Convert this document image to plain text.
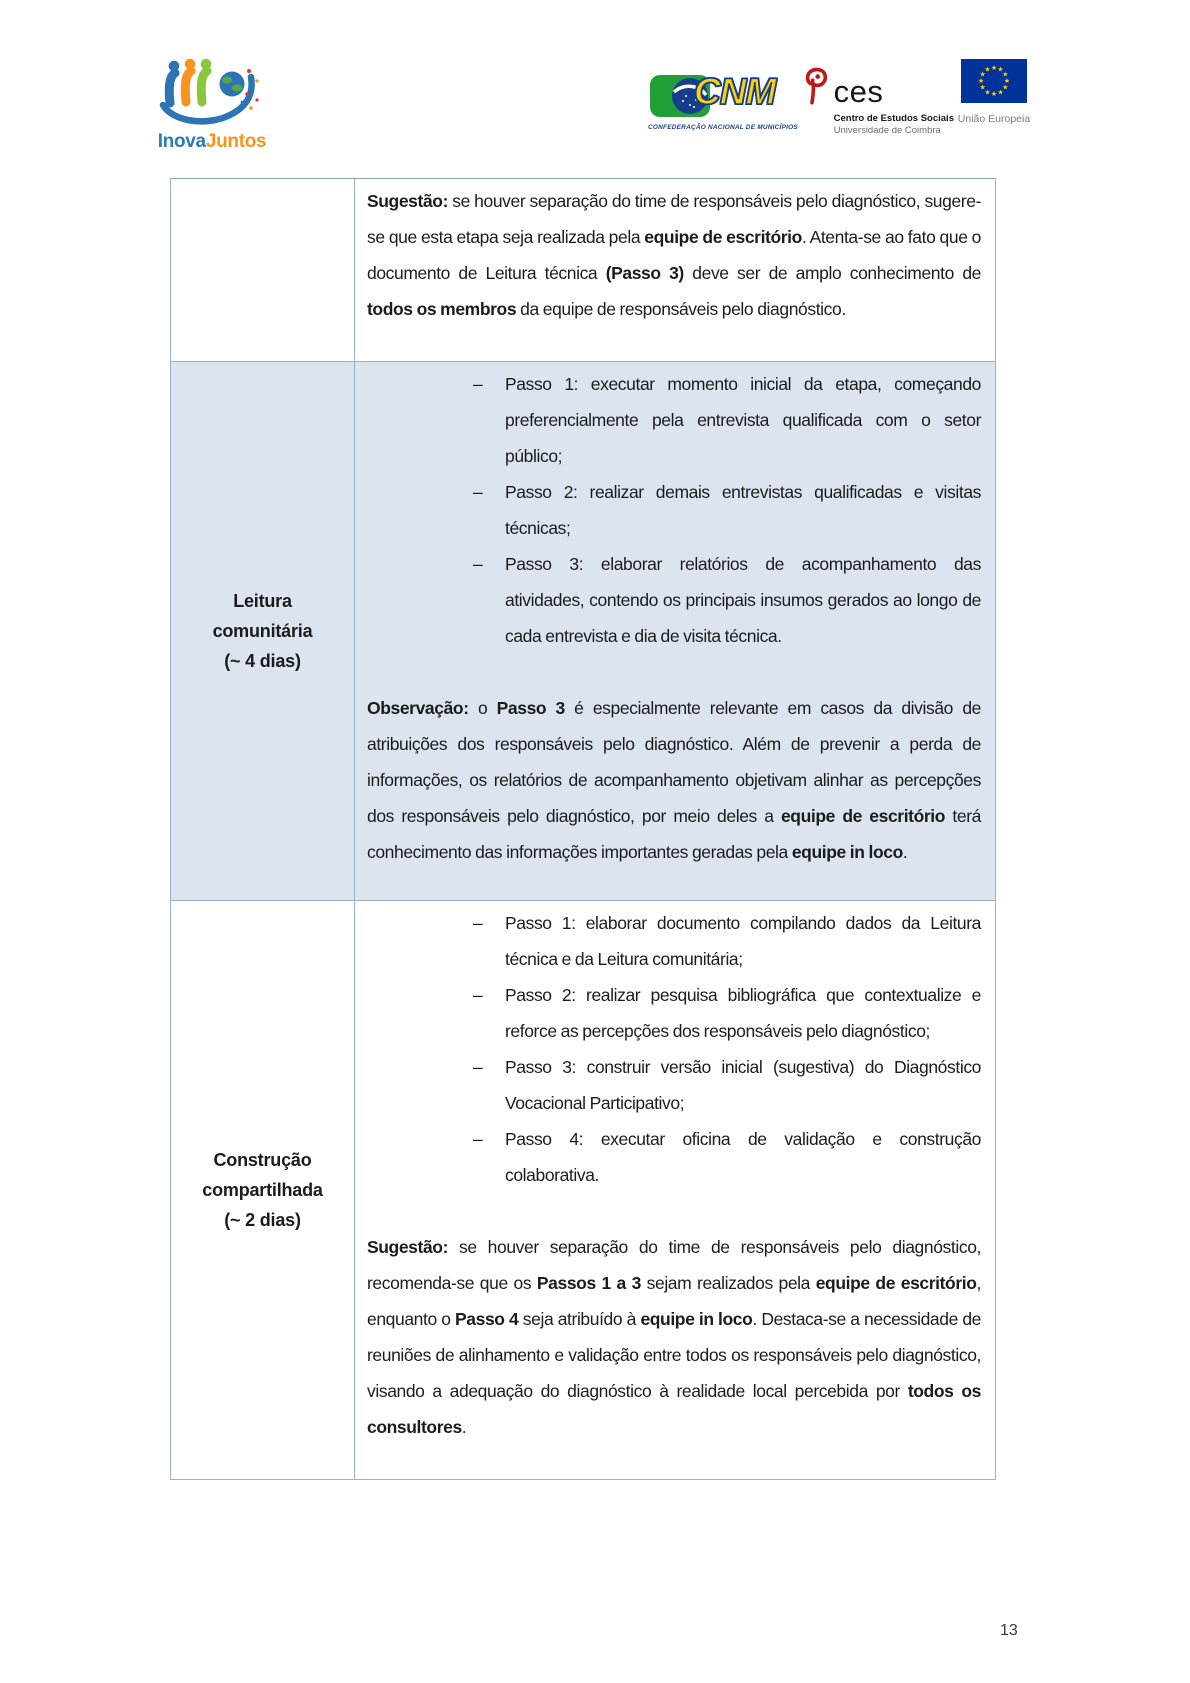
InovaJuntos
CNM
CONFEDERAÇÃO NACIONAL DE MUNICÍPIOS
ces
Centro de Estudos Sociais
Universidade de Coimbra
★ ★
★
★
★
★
★
★
★
★
★
★
União Europeia

Sugestão: se houver separação do time de responsáveis pelo diagnóstico, sugere-se que esta etapa seja realizada pela equipe de escritório. Atenta-se ao fato que o documento de Leitura técnica (Passo 3) deve ser de amplo conhecimento de todos os membros da equipe de responsáveis pelo diagnóstico.

Leitura comunitária
(~ 4 dias)
– Passo 1: executar momento inicial da etapa, começando preferencialmente pela entrevista qualificada com o setor público;
– Passo 2: realizar demais entrevistas qualificadas e visitas técnicas;
– Passo 3: elaborar relatórios de acompanhamento das atividades, contendo os principais insumos gerados ao longo de cada entrevista e dia de visita técnica.

Observação: o Passo 3 é especialmente relevante em casos da divisão de atribuições dos responsáveis pelo diagnóstico. Além de prevenir a perda de informações, os relatórios de acompanhamento objetivam alinhar as percepções dos responsáveis pelo diagnóstico, por meio deles a equipe de escritório terá conhecimento das informações importantes geradas pela equipe in loco.

Construção compartilhada
(~ 2 dias)
– Passo 1: elaborar documento compilando dados da Leitura técnica e da Leitura comunitária;
– Passo 2: realizar pesquisa bibliográfica que contextualize e reforce as percepções dos responsáveis pelo diagnóstico;
– Passo 3: construir versão inicial (sugestiva) do Diagnóstico Vocacional Participativo;
– Passo 4: executar oficina de validação e construção colaborativa.

Sugestão: se houver separação do time de responsáveis pelo diagnóstico, recomenda-se que os Passos 1 a 3 sejam realizados pela equipe de escritório, enquanto o Passo 4 seja atribuído à equipe in loco. Destaca-se a necessidade de reuniões de alinhamento e validação entre todos os responsáveis pelo diagnóstico, visando a adequação do diagnóstico à realidade local percebida por todos os consultores.

13
